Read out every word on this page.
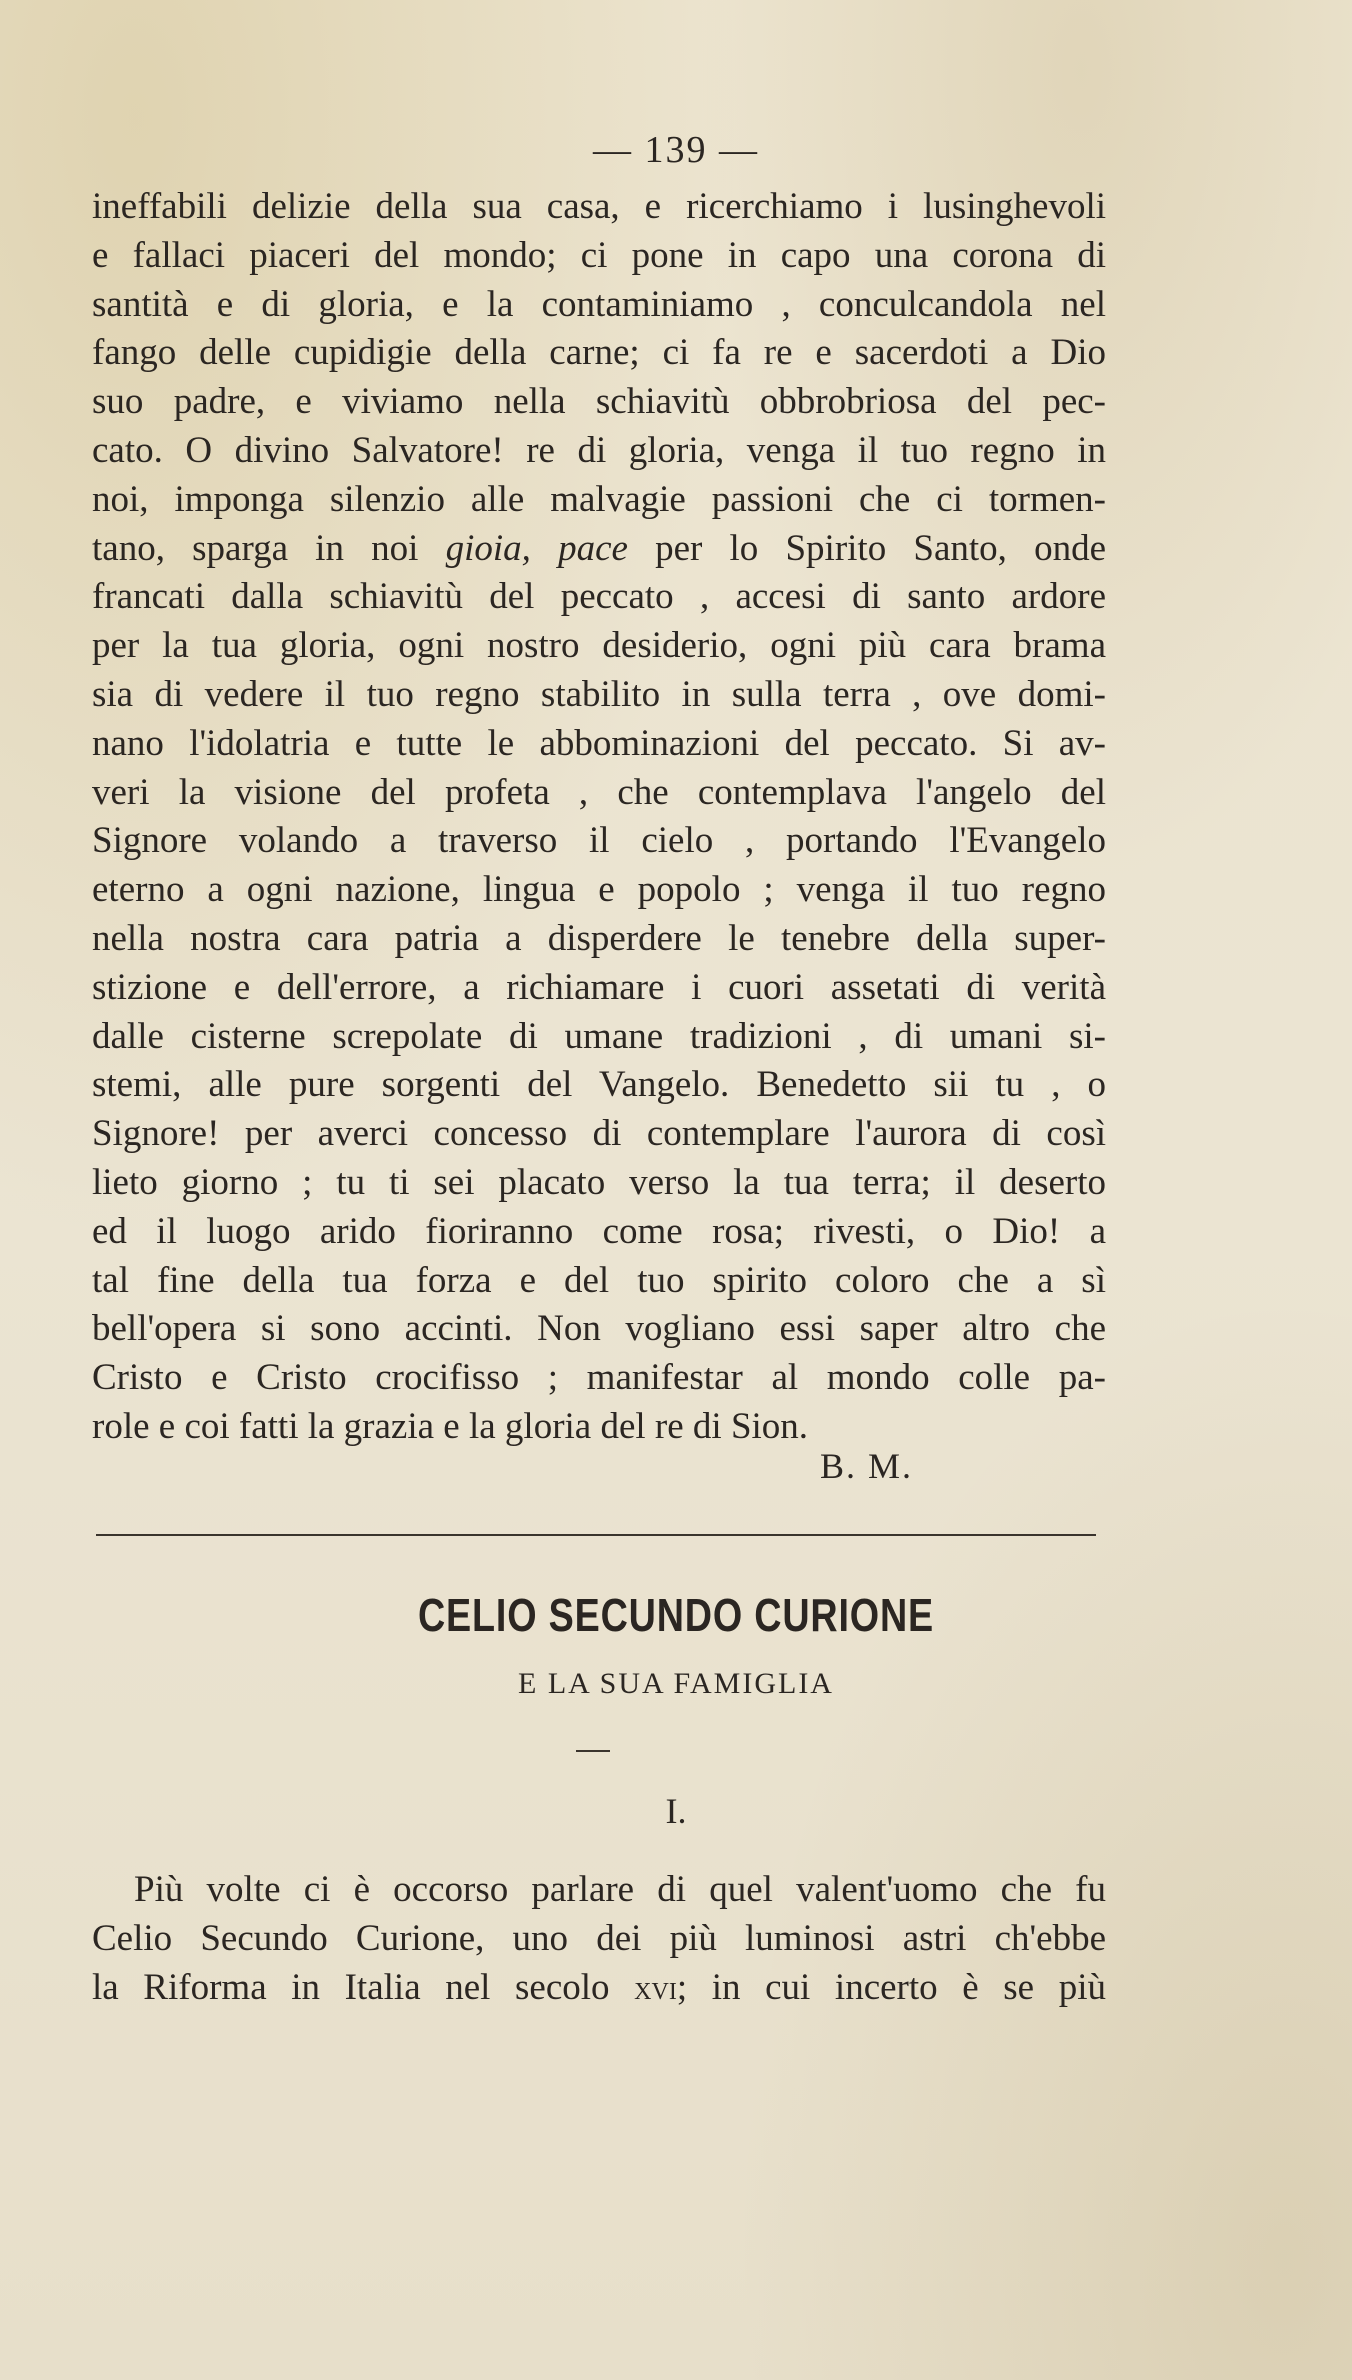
— 139 —
ineffabili delizie della sua casa, e ricerchiamo i lusinghevoli
e fallaci piaceri del mondo; ci pone in capo una corona di
santità e di gloria, e la contaminiamo , conculcandola nel
fango delle cupidigie della carne; ci fa re e sacerdoti a Dio
suo padre, e viviamo nella schiavitù obbrobriosa del pec-
cato. O divino Salvatore! re di gloria, venga il tuo regno in
noi, imponga silenzio alle malvagie passioni che ci tormen-
tano, sparga in noi gioia, pace per lo Spirito Santo, onde
francati dalla schiavitù del peccato , accesi di santo ardore
per la tua gloria, ogni nostro desiderio, ogni più cara brama
sia di vedere il tuo regno stabilito in sulla terra , ove domi-
nano l'idolatria e tutte le abbominazioni del peccato. Si av-
veri la visione del profeta , che contemplava l'angelo del
Signore volando a traverso il cielo , portando l'Evangelo
eterno a ogni nazione, lingua e popolo ; venga il tuo regno
nella nostra cara patria a disperdere le tenebre della super-
stizione e dell'errore, a richiamare i cuori assetati di verità
dalle cisterne screpolate di umane tradizioni , di umani si-
stemi, alle pure sorgenti del Vangelo. Benedetto sii tu , o
Signore! per averci concesso di contemplare l'aurora di così
lieto giorno ; tu ti sei placato verso la tua terra; il deserto
ed il luogo arido fioriranno come rosa; rivesti, o Dio! a
tal fine della tua forza e del tuo spirito coloro che a sì
bell'opera si sono accinti. Non vogliano essi saper altro che
Cristo e Cristo crocifisso ; manifestar al mondo colle pa-
role e coi fatti la grazia e la gloria del re di Sion.
B. M.
CELIO SECUNDO CURIONE
E LA SUA FAMIGLIA
I.
Più volte ci è occorso parlare di quel valent'uomo che fu
Celio Secundo Curione, uno dei più luminosi astri ch'ebbe
la Riforma in Italia nel secolo xvi; in cui incerto è se più
